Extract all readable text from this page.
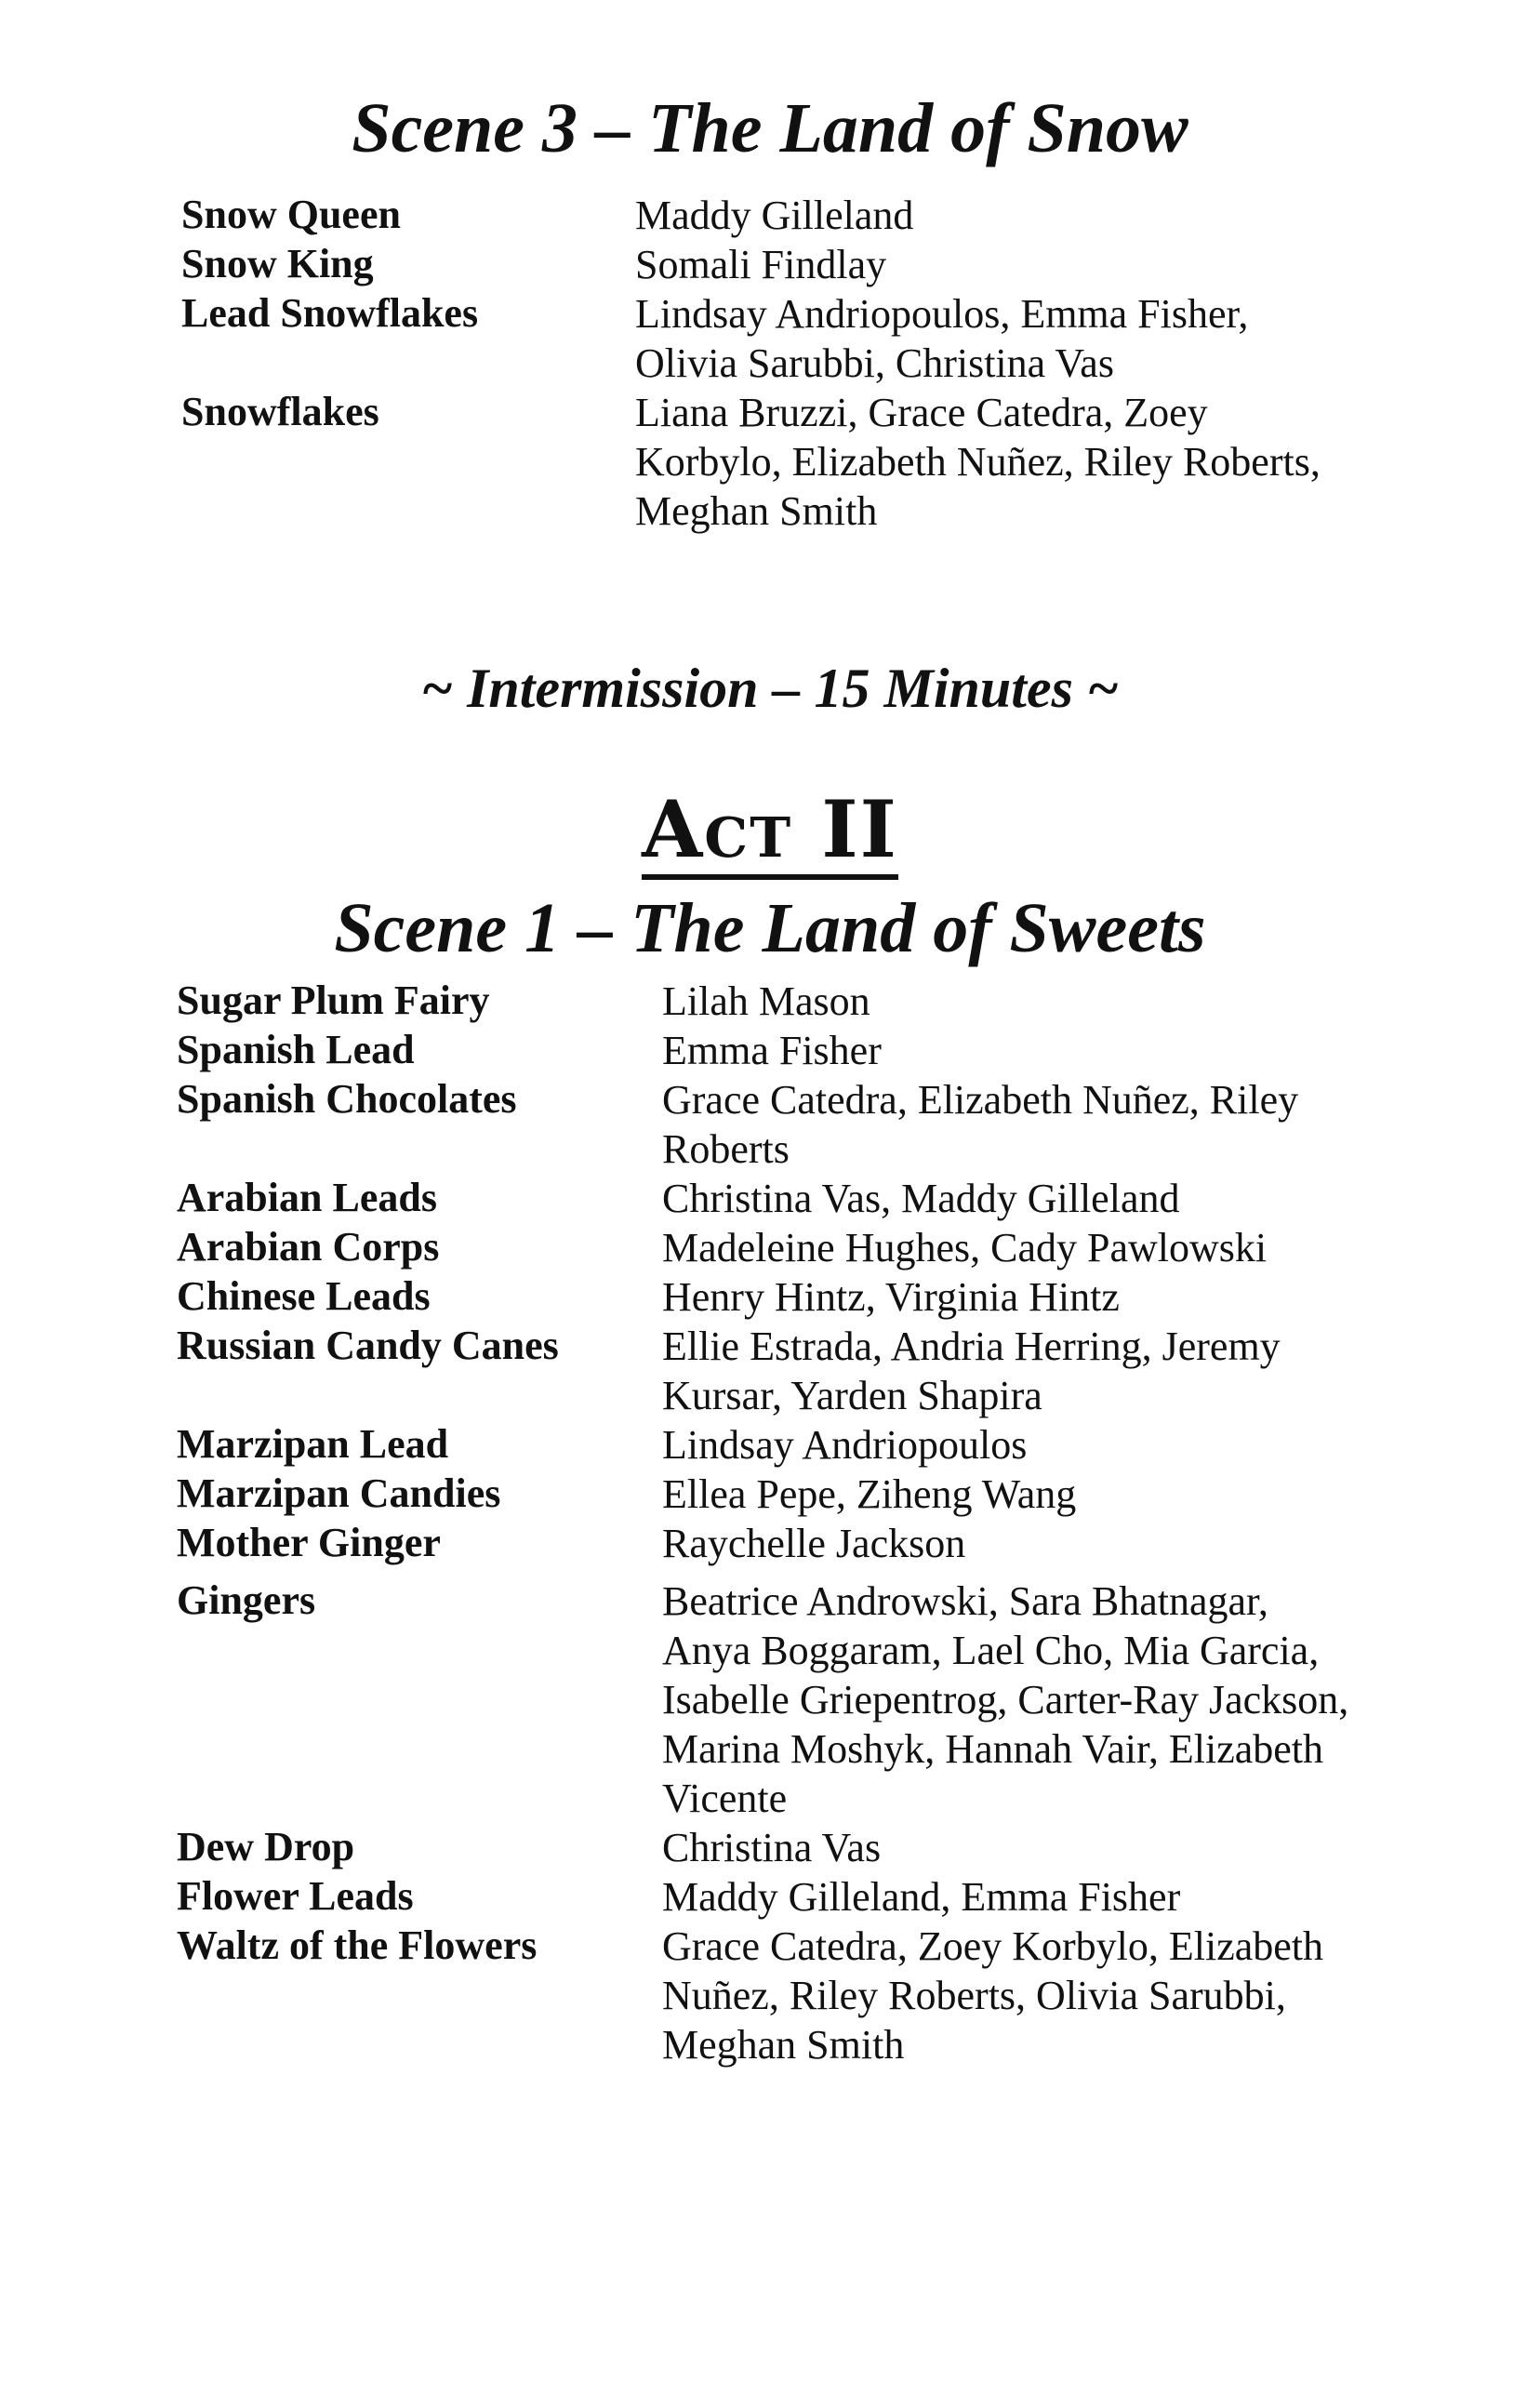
Scene 3 – The Land of Snow
Snow Queen	Maddy Gilleland
Snow King	Somali Findlay
Lead Snowflakes	Lindsay Andriopoulos, Emma Fisher,
Olivia Sarubbi, Christina Vas
Snowflakes	Liana Bruzzi, Grace Catedra, Zoey
Korbylo, Elizabeth Nuñez, Riley Roberts,
Meghan Smith
~ Intermission – 15 Minutes ~
Act II
Scene 1 – The Land of Sweets
Sugar Plum Fairy	Lilah Mason
Spanish Lead	Emma Fisher
Spanish Chocolates	Grace Catedra, Elizabeth Nuñez, Riley
Roberts
Arabian Leads	Christina Vas, Maddy Gilleland
Arabian Corps	Madeleine Hughes, Cady Pawlowski
Chinese Leads	Henry Hintz, Virginia Hintz
Russian Candy Canes	Ellie Estrada, Andria Herring, Jeremy
Kursar, Yarden Shapira
Marzipan Lead	Lindsay Andriopoulos
Marzipan Candies	Ellea Pepe, Ziheng Wang
Mother Ginger	Raychelle Jackson
Gingers	Beatrice Androwski, Sara Bhatnagar,
Anya Boggaram, Lael Cho, Mia Garcia,
Isabelle Griepentrog, Carter-Ray Jackson,
Marina Moshyk, Hannah Vair, Elizabeth
Vicente
Dew Drop	Christina Vas
Flower Leads	Maddy Gilleland, Emma Fisher
Waltz of the Flowers	Grace Catedra, Zoey Korbylo, Elizabeth
Nuñez, Riley Roberts, Olivia Sarubbi,
Meghan Smith
